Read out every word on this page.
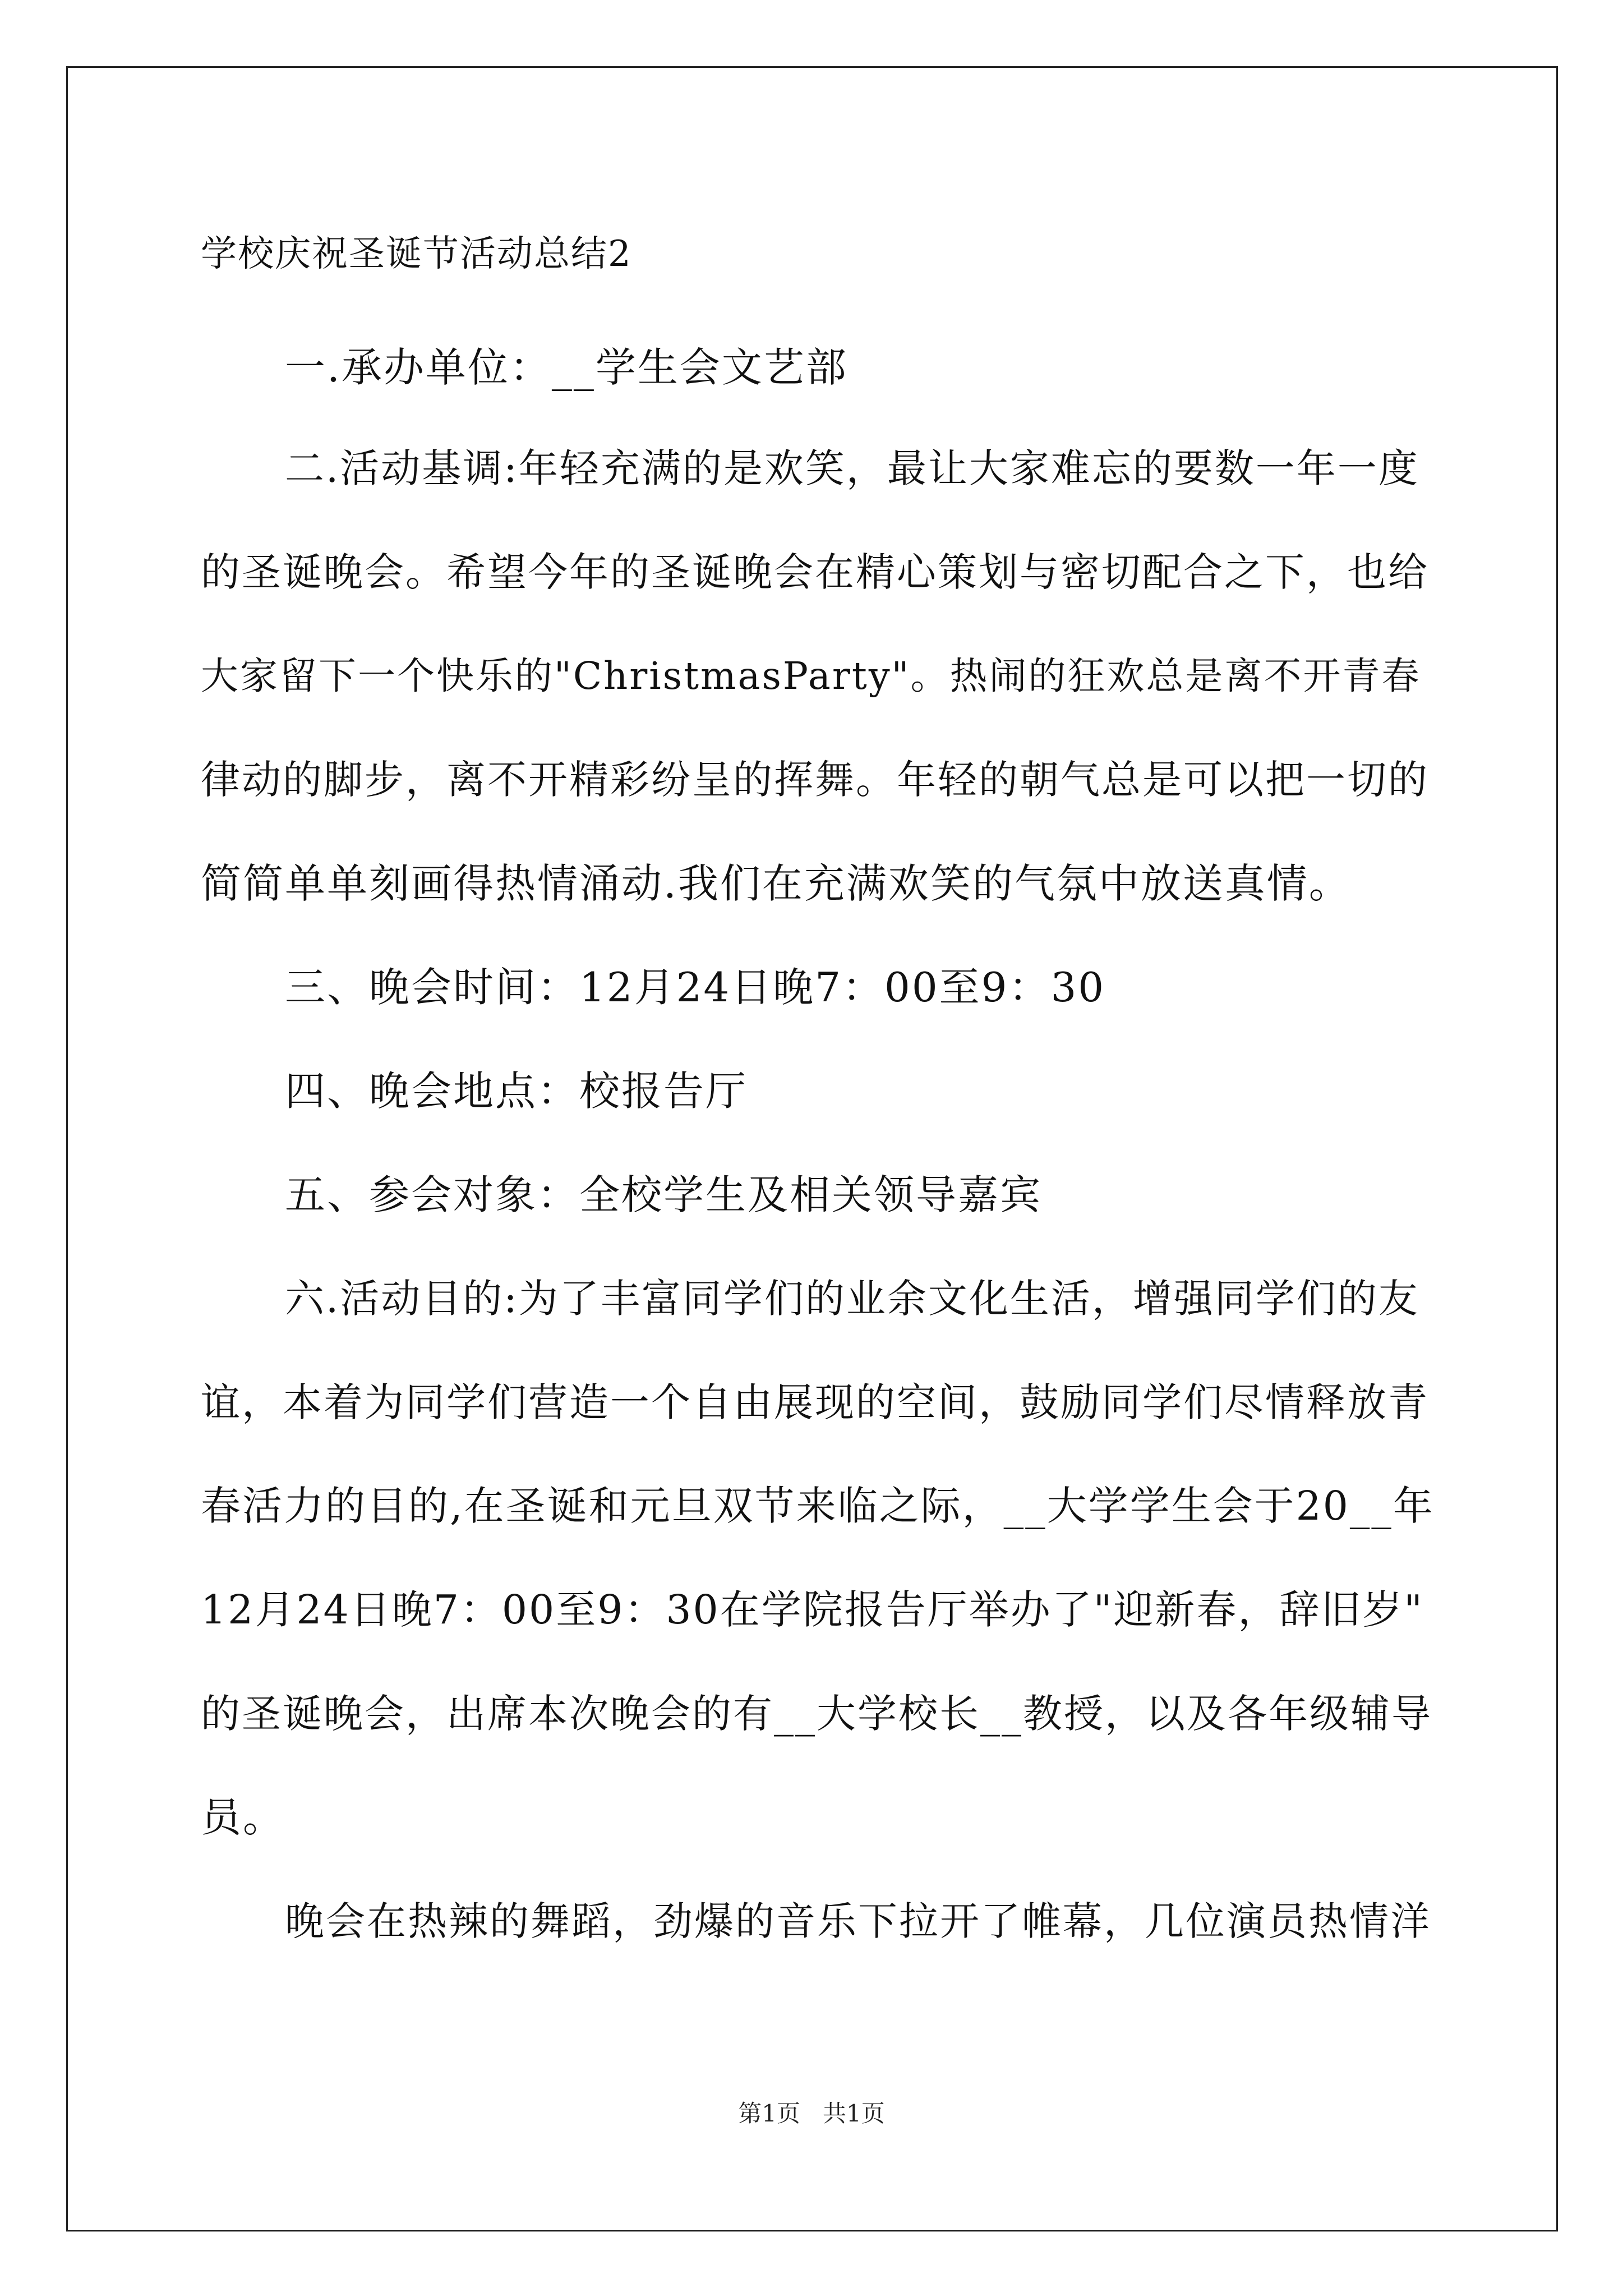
学校庆祝圣诞节活动总结2
一.承办单位：__学生会文艺部
二.活动基调:年轻充满的是欢笑，最让大家难忘的要数一年一度
的圣诞晚会。希望今年的圣诞晚会在精心策划与密切配合之下，也给
大家留下一个快乐的"ChristmasParty"。热闹的狂欢总是离不开青春
律动的脚步，离不开精彩纷呈的挥舞。年轻的朝气总是可以把一切的
简简单单刻画得热情涌动.我们在充满欢笑的气氛中放送真情。
三、晚会时间：12月24日晚7：00至9：30
四、晚会地点：校报告厅
五、参会对象：全校学生及相关领导嘉宾
六.活动目的:为了丰富同学们的业余文化生活，增强同学们的友
谊，本着为同学们营造一个自由展现的空间，鼓励同学们尽情释放青
春活力的目的,在圣诞和元旦双节来临之际，__大学学生会于20__年
12月24日晚7：00至9：30在学院报告厅举办了"迎新春，辞旧岁"
的圣诞晚会，出席本次晚会的有__大学校长__教授，以及各年级辅导
员。
晚会在热辣的舞蹈，劲爆的音乐下拉开了帷幕，几位演员热情洋
第1页   共1页
